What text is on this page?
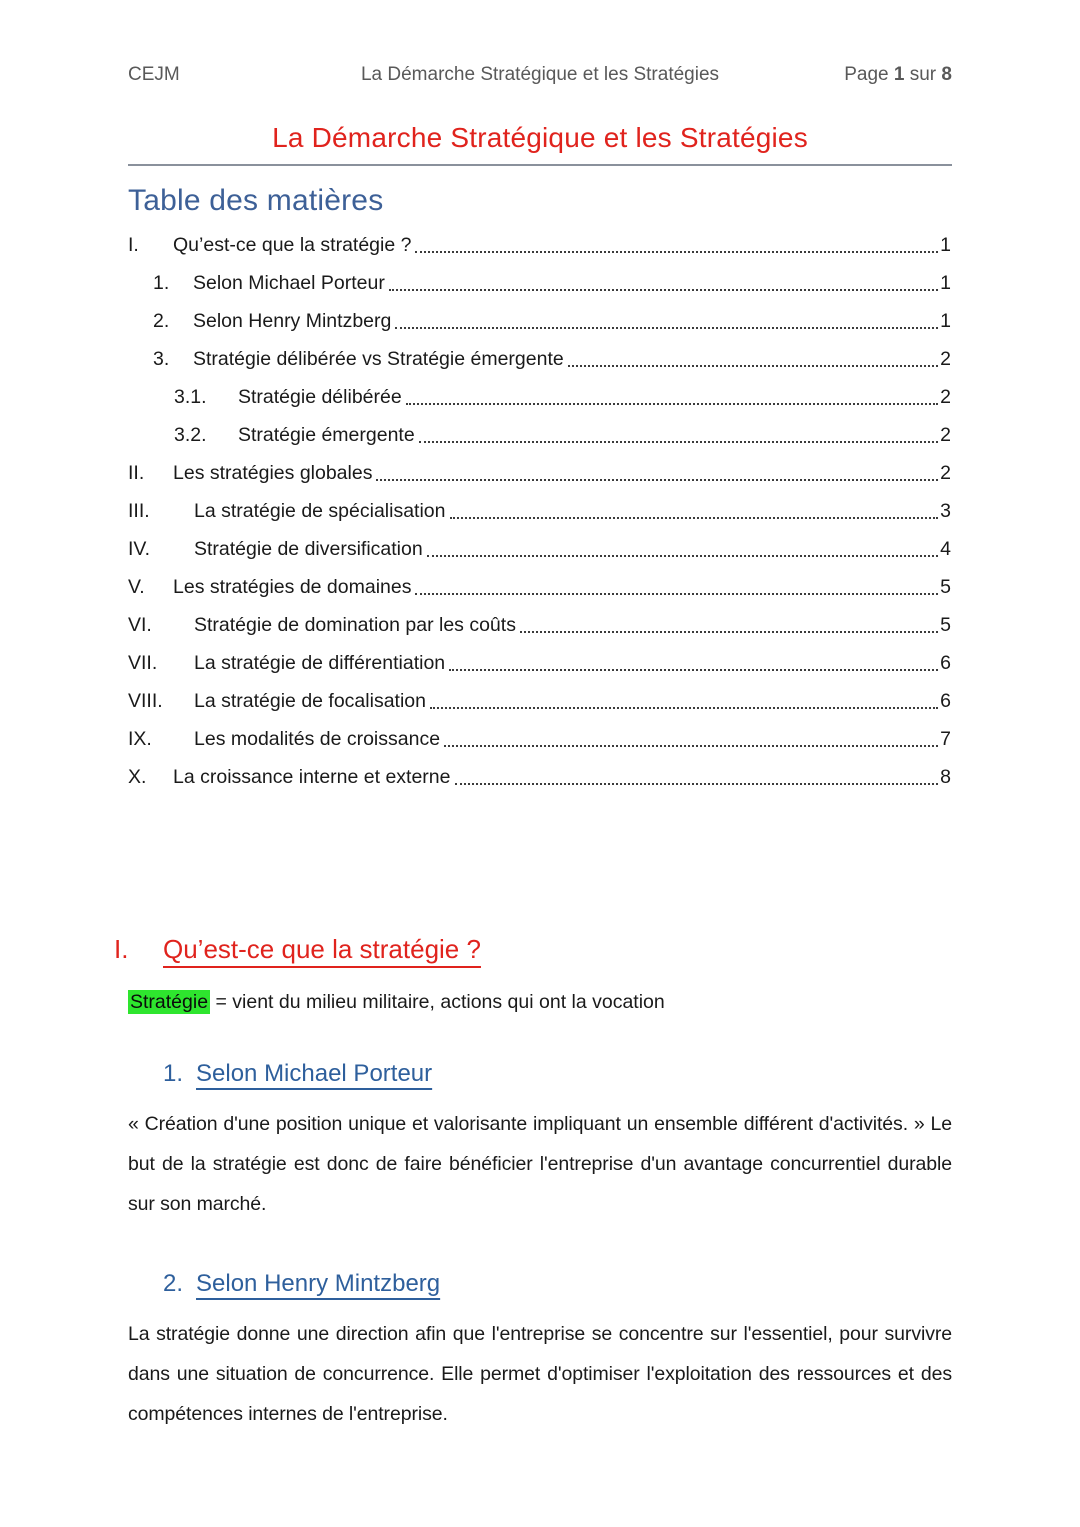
CEJM	La Démarche Stratégique et les Stratégies	Page 1 sur 8
La Démarche Stratégique et les Stratégies
Table des matières
I.	Qu’est-ce que la stratégie ?	1
1.	Selon Michael Porteur	1
2.	Selon Henry Mintzberg	1
3.	Stratégie délibérée vs Stratégie émergente	2
3.1.	Stratégie délibérée	2
3.2.	Stratégie émergente	2
II.	Les stratégies globales	2
III.	La stratégie de spécialisation	3
IV.	Stratégie de diversification	4
V.	Les stratégies de domaines	5
VI.	Stratégie de domination par les coûts	5
VII.	La stratégie de différentiation	6
VIII.	La stratégie de focalisation	6
IX.	Les modalités de croissance	7
X.	La croissance interne et externe	8
I.	Qu’est-ce que la stratégie ?
Stratégie = vient du milieu militaire, actions qui ont la vocation
1. Selon Michael Porteur
« Création d'une position unique et valorisante impliquant un ensemble différent d'activités. » Le but de la stratégie est donc de faire bénéficier l'entreprise d'un avantage concurrentiel durable sur son marché.
2. Selon Henry Mintzberg
La stratégie donne une direction afin que l'entreprise se concentre sur l'essentiel, pour survivre dans une situation de concurrence. Elle permet d'optimiser l'exploitation des ressources et des compétences internes de l'entreprise.
